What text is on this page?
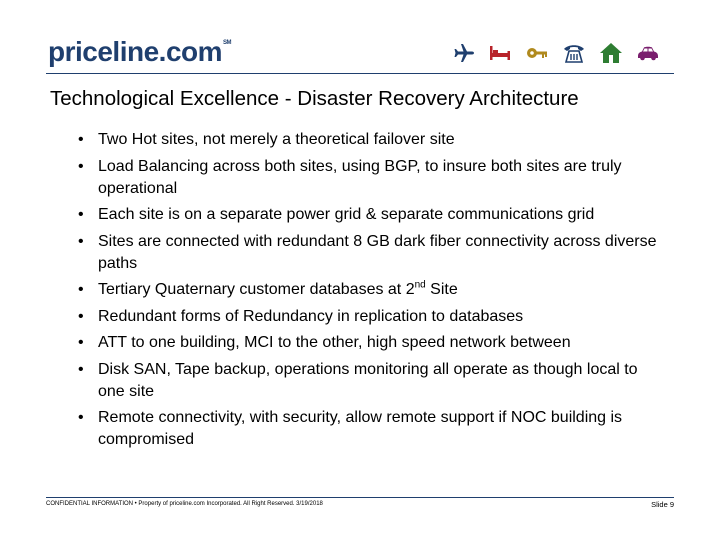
priceline.com℠
Technological Excellence - Disaster Recovery Architecture
• Two Hot sites, not merely a theoretical failover site
• Load Balancing across both sites, using BGP, to insure both sites are truly operational
• Each site is on a separate power grid & separate communications grid
• Sites are connected with redundant 8 GB dark fiber connectivity across diverse paths
• Tertiary Quaternary customer databases at 2nd Site
• Redundant forms of Redundancy in replication to databases
• ATT to one building, MCI to the other, high speed network between
• Disk SAN, Tape backup, operations monitoring all operate as though local to one site
• Remote connectivity, with security, allow remote support if NOC building is compromised
CONFIDENTIAL INFORMATION • Property of priceline.com Incorporated. All Right Reserved. 3/19/2018	Slide 9
